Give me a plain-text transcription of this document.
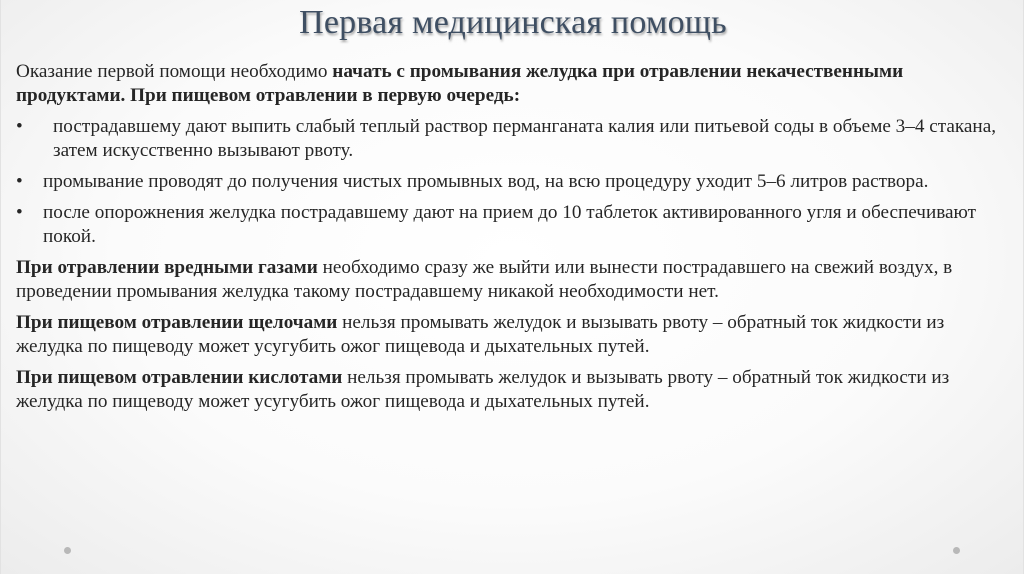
Первая медицинская помощь

Оказание первой помощи необходимо начать с промывания желудка при отравлении некачественными продуктами. При пищевом отравлении в первую очередь:

•	пострадавшему дают выпить слабый теплый раствор перманганата калия или питьевой соды в объеме 3–4 стакана, затем искусственно вызывают рвоту.
•	промывание проводят до получения чистых промывных вод, на всю процедуру уходит 5–6 литров раствора.
•	после опорожнения желудка пострадавшему дают на прием до 10 таблеток активированного угля и обеспечивают покой.

При отравлении вредными газами необходимо сразу же выйти или вынести пострадавшего на свежий воздух, в проведении промывания желудка такому пострадавшему никакой необходимости нет.

При пищевом отравлении щелочами нельзя промывать желудок и вызывать рвоту – обратный ток жидкости из желудка по пищеводу может усугубить ожог пищевода и дыхательных путей.

При пищевом отравлении кислотами нельзя промывать желудок и вызывать рвоту – обратный ток жидкости из желудка по пищеводу может усугубить ожог пищевода и дыхательных путей.
